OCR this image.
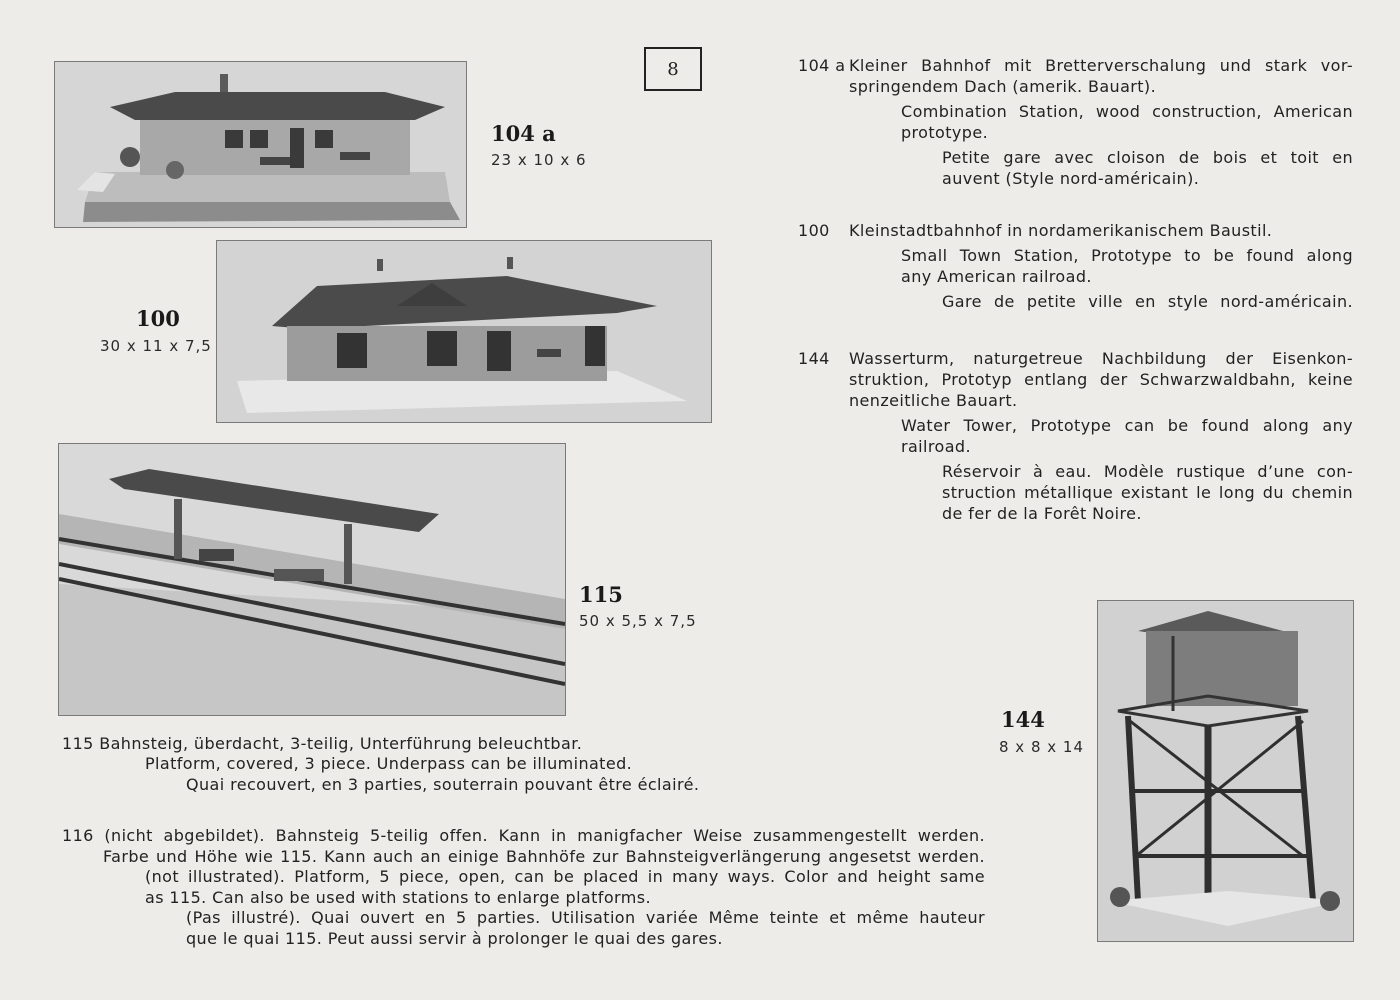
8
104 a
23 x 10 x 6
100
30 x 11 x 7,5
115
50 x 5,5 x 7,5
144
8 x 8 x 14
104 a Kleiner Bahnhof mit Bretterverschalung und stark vor-
springendem Dach (amerik. Bauart).
Combination Station, wood construction, American
prototype.
Petite gare avec cloison de bois et toit en
auvent (Style nord-américain).
100 Kleinstadtbahnhof in nordamerikanischem Baustil.
Small Town Station, Prototype to be found along
any American railroad.
Gare de petite ville en style nord-américain.
144 Wasserturm, naturgetreue Nachbildung der Eisenkon-
struktion, Prototyp entlang der Schwarzwaldbahn, keine
nenzeitliche Bauart.
Water Tower, Prototype can be found along any
railroad.
Réservoir à eau. Modèle rustique d’une con-
struction métallique existant le long du chemin
de fer de la Forêt Noire.
115 Bahnsteig, überdacht, 3-teilig, Unterführung beleuchtbar.
Platform, covered, 3 piece. Underpass can be illuminated.
Quai recouvert, en 3 parties, souterrain pouvant être éclairé.
116 (nicht abgebildet). Bahnsteig 5-teilig offen. Kann in manigfacher Weise zusammengestellt werden.
Farbe und Höhe wie 115. Kann auch an einige Bahnhöfe zur Bahnsteigverlängerung angesetst werden.
(not illustrated). Platform, 5 piece, open, can be placed in many ways. Color and height same
as 115. Can also be used with stations to enlarge platforms.
(Pas illustré). Quai ouvert en 5 parties. Utilisation variée Même teinte et même hauteur
que le quai 115. Peut aussi servir à prolonger le quai des gares.
